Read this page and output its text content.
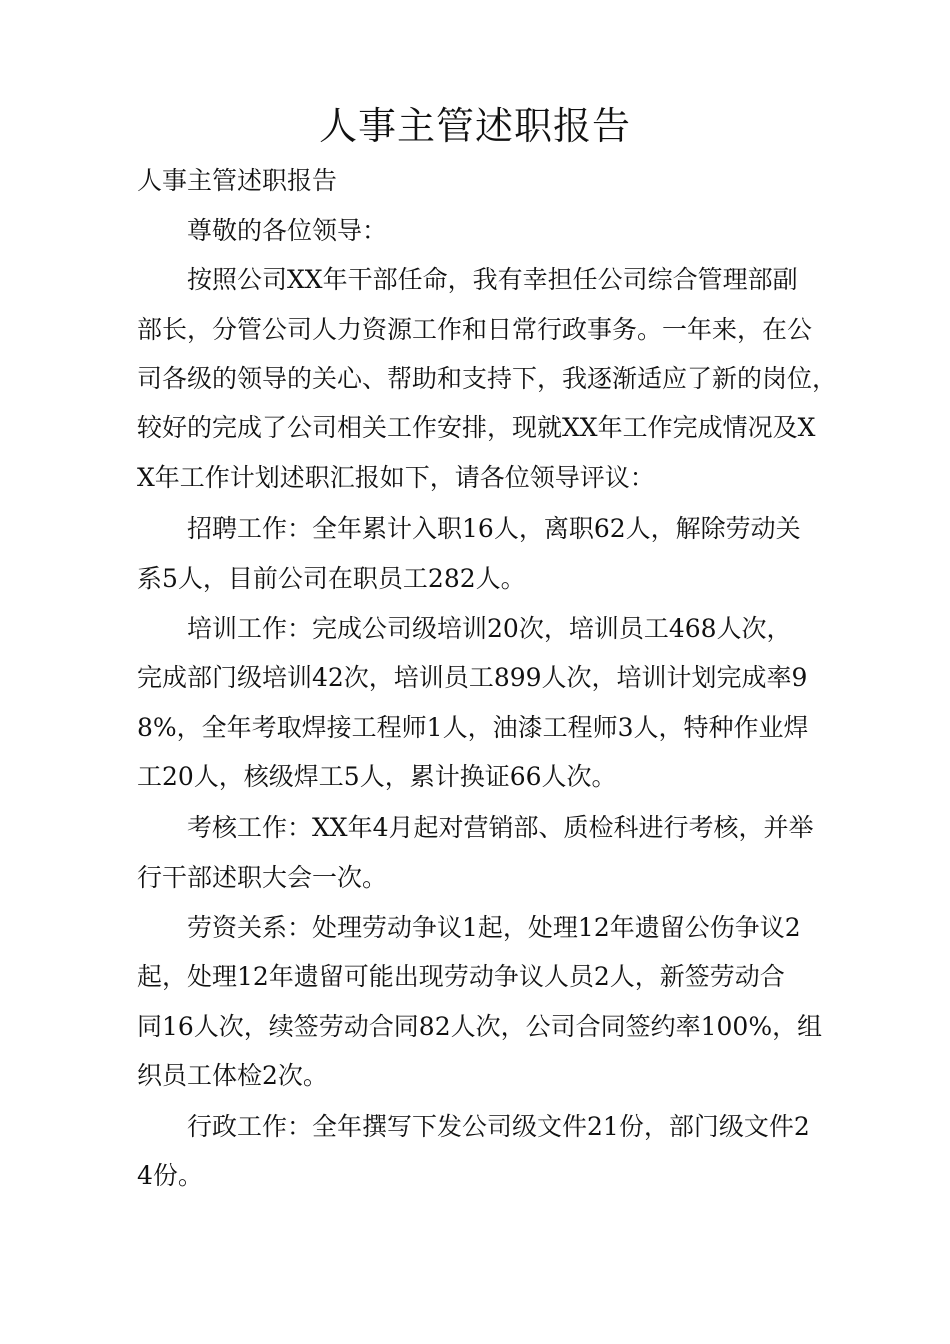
人事主管述职报告

人事主管述职报告

尊敬的各位领导：

按照公司XX年干部任命，我有幸担任公司综合管理部副

部长，分管公司人力资源工作和日常行政事务。一年来，在公

司各级的领导的关心、帮助和支持下，我逐渐适应了新的岗位，

较好的完成了公司相关工作安排，现就XX年工作完成情况及X

X年工作计划述职汇报如下，请各位领导评议：

招聘工作：全年累计入职16人，离职62人，解除劳动关

系5人，目前公司在职员工282人。

培训工作：完成公司级培训20次，培训员工468人次，

完成部门级培训42次，培训员工899人次，培训计划完成率9

8%，全年考取焊接工程师1人，油漆工程师3人，特种作业焊

工20人，核级焊工5人，累计换证66人次。

考核工作：XX年4月起对营销部、质检科进行考核，并举

行干部述职大会一次。

劳资关系：处理劳动争议1起，处理12年遗留公伤争议2

起，处理12年遗留可能出现劳动争议人员2人，新签劳动合

同16人次，续签劳动合同82人次，公司合同签约率100%，组

织员工体检2次。

行政工作：全年撰写下发公司级文件21份，部门级文件2

4份。
